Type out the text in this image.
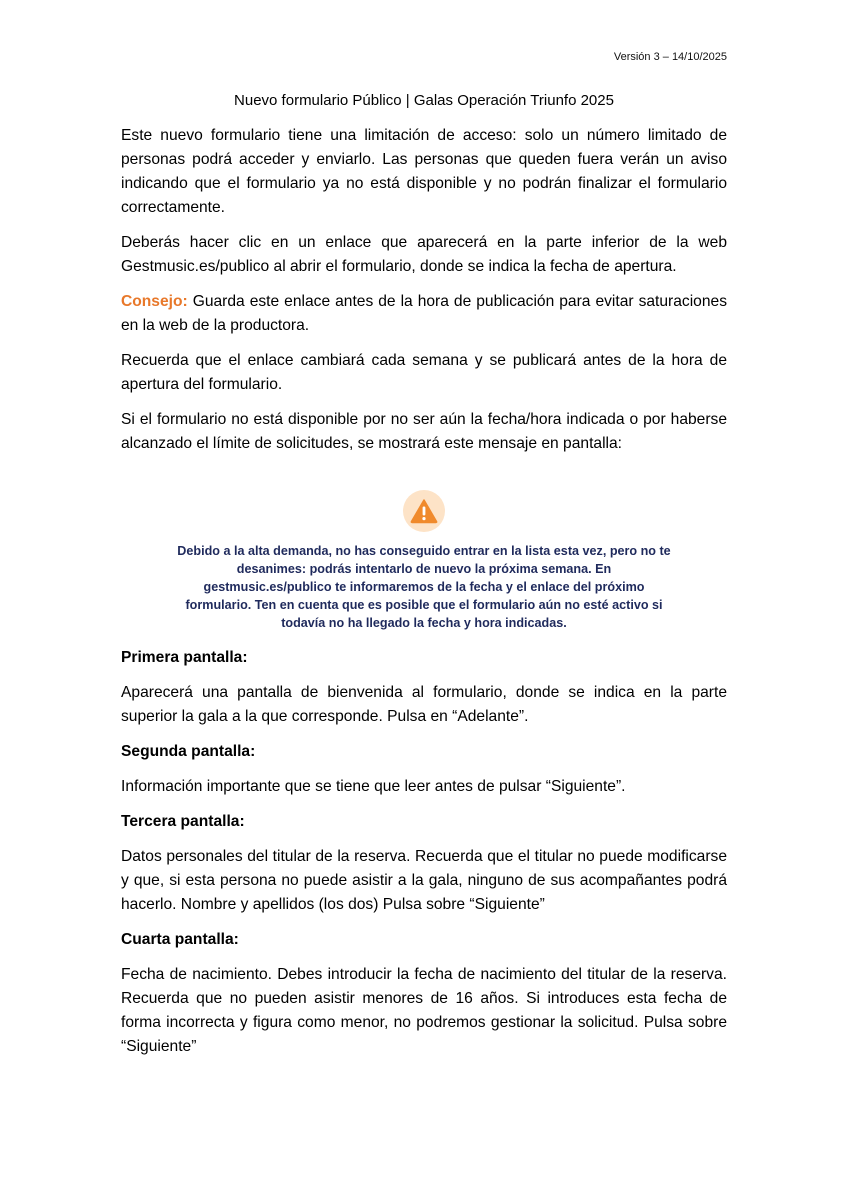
Versión 3 – 14/10/2025
Nuevo formulario Público | Galas Operación Triunfo 2025

Este nuevo formulario tiene una limitación de acceso: solo un número limitado de personas podrá acceder y enviarlo. Las personas que queden fuera verán un aviso indicando que el formulario ya no está disponible y no podrán finalizar el formulario correctamente.

Deberás hacer clic en un enlace que aparecerá en la parte inferior de la web Gestmusic.es/publico al abrir el formulario, donde se indica la fecha de apertura.

Consejo: Guarda este enlace antes de la hora de publicación para evitar saturaciones en la web de la productora.

Recuerda que el enlace cambiará cada semana y se publicará antes de la hora de apertura del formulario.

Si el formulario no está disponible por no ser aún la fecha/hora indicada o por haberse alcanzado el límite de solicitudes, se mostrará este mensaje en pantalla:

Debido a la alta demanda, no has conseguido entrar en la lista esta vez, pero no te desanimes: podrás intentarlo de nuevo la próxima semana. En gestmusic.es/publico te informaremos de la fecha y el enlace del próximo formulario. Ten en cuenta que es posible que el formulario aún no esté activo si todavía no ha llegado la fecha y hora indicadas.
Primera pantalla:

Aparecerá una pantalla de bienvenida al formulario, donde se indica en la parte superior la gala a la que corresponde. Pulsa en “Adelante”.

Segunda pantalla:

Información importante que se tiene que leer antes de pulsar “Siguiente”.

Tercera pantalla:

Datos personales del titular de la reserva. Recuerda que el titular no puede modificarse y que, si esta persona no puede asistir a la gala, ninguno de sus acompañantes podrá hacerlo. Nombre y apellidos (los dos) Pulsa sobre “Siguiente”

Cuarta pantalla:

Fecha de nacimiento. Debes introducir la fecha de nacimiento del titular de la reserva. Recuerda que no pueden asistir menores de 16 años. Si introduces esta fecha de forma incorrecta y figura como menor, no podremos gestionar la solicitud. Pulsa sobre “Siguiente”
